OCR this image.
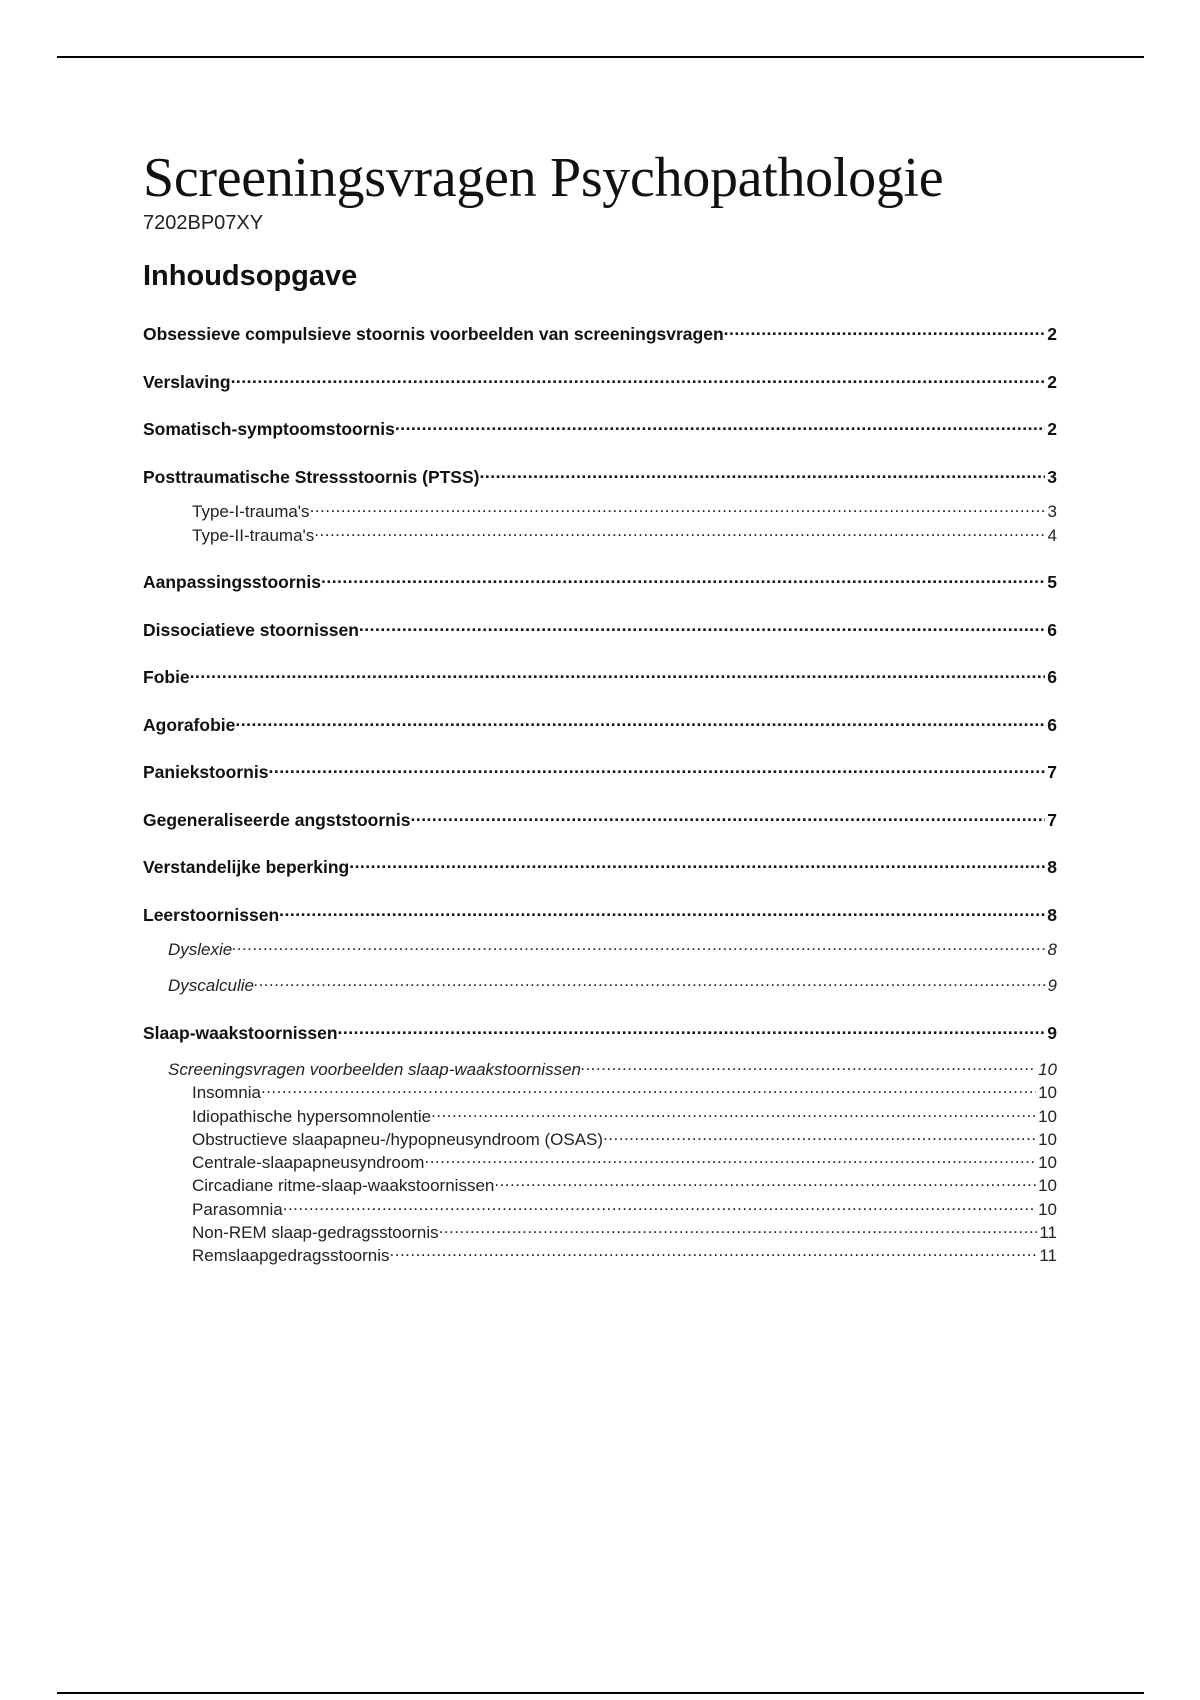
Screeningsvragen Psychopathologie
7202BP07XY
Inhoudsopgave
Obsessieve compulsieve stoornis voorbeelden van screeningsvragen .....	2
Verslaving .....	2
Somatisch-symptoomstoornis .....	2
Posttraumatische Stressstoornis (PTSS) .....	3
Type-I-trauma's .....	3
Type-II-trauma's .....	4
Aanpassingsstoornis .....	5
Dissociatieve stoornissen .....	6
Fobie .....	6
Agorafobie .....	6
Paniekstoornis .....	7
Gegeneraliseerde angststoornis .....	7
Verstandelijke beperking .....	8
Leerstoornissen .....	8
Dyslexie .....	8
Dyscalculie .....	9
Slaap-waakstoornissen .....	9
Screeningsvragen voorbeelden slaap-waakstoornissen .....	10
Insomnia .....	10
Idiopathische hypersomnolentie .....	10
Obstructieve slaapapneu-/hypopneusyndroom (OSAS) .....	10
Centrale-slaapapneusyndroom .....	10
Circadiane ritme-slaap-waakstoornissen .....	10
Parasomnia .....	10
Non-REM slaap-gedragsstoornis .....	11
Remslaapgedragsstoornis .....	11
